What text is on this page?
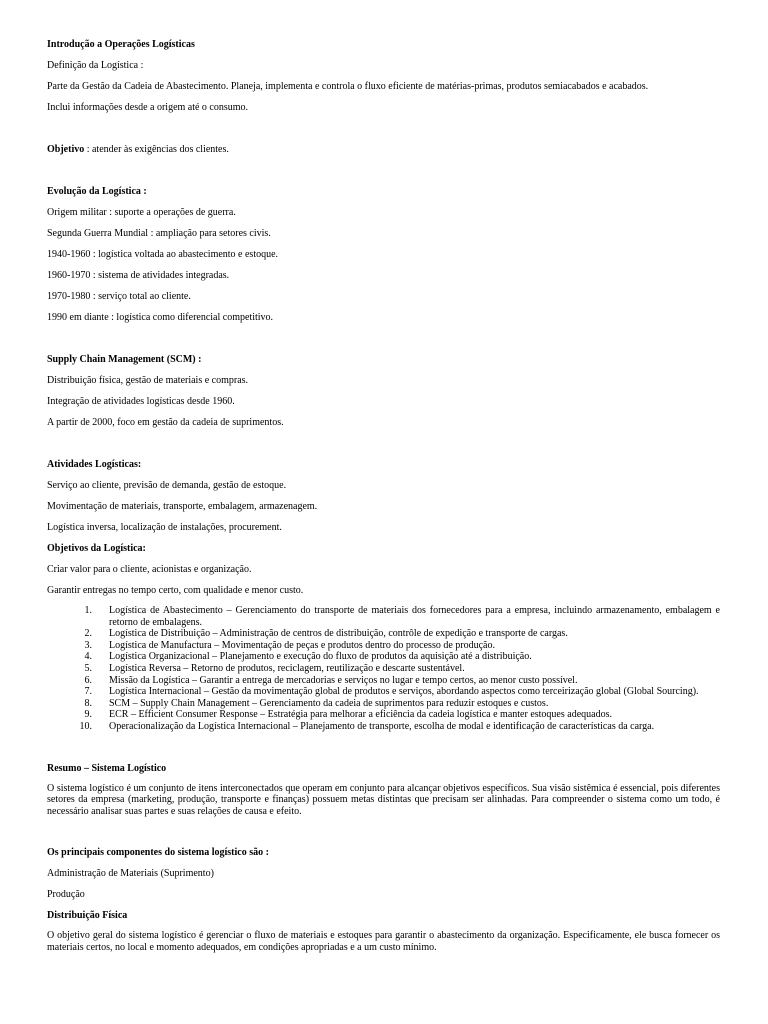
Introdução a Operações Logísticas

Definição da Logística :

Parte da Gestão da Cadeia de Abastecimento. Planeja, implementa e controla o fluxo eficiente de matérias-primas, produtos semiacabados e acabados.

Inclui informações desde a origem até o consumo.

Objetivo : atender às exigências dos clientes.

Evolução da Logística :

Origem militar : suporte a operações de guerra.

Segunda Guerra Mundial : ampliação para setores civis.

1940-1960 : logística voltada ao abastecimento e estoque.

1960-1970 : sistema de atividades integradas.

1970-1980 : serviço total ao cliente.

1990 em diante : logística como diferencial competitivo.

Supply Chain Management (SCM) :

Distribuição física, gestão de materiais e compras.

Integração de atividades logísticas desde 1960.

A partir de 2000, foco em gestão da cadeia de suprimentos.

Atividades Logísticas:

Serviço ao cliente, previsão de demanda, gestão de estoque.

Movimentação de materiais, transporte, embalagem, armazenagem.

Logística inversa, localização de instalações, procurement.

Objetivos da Logística:

Criar valor para o cliente, acionistas e organização.

Garantir entregas no tempo certo, com qualidade e menor custo.

1.	Logística de Abastecimento – Gerenciamento do transporte de materiais dos fornecedores para a empresa, incluindo armazenamento, embalagem e retorno de embalagens.
2.	Logística de Distribuição – Administração de centros de distribuição, contrôle de expedição e transporte de cargas.
3.	Logística de Manufactura – Movimentação de peças e produtos dentro do processo de produção.
4.	Logística Organizacional – Planejamento e execução do fluxo de produtos da aquisição até a distribuição.
5.	Logística Reversa – Retorno de produtos, reciclagem, reutilização e descarte sustentável.
6.	Missão da Logística – Garantir a entrega de mercadorias e serviços no lugar e tempo certos, ao menor custo possível.
7.	Logística Internacional – Gestão da movimentação global de produtos e serviços, abordando aspectos como terceirização global (Global Sourcing).
8.	SCM – Supply Chain Management – Gerenciamento da cadeia de suprimentos para reduzir estoques e custos.
9.	ECR – Efficient Consumer Response – Estratégia para melhorar a eficiência da cadeia logística e manter estoques adequados.
10.	Operacionalização da Logística Internacional – Planejamento de transporte, escolha de modal e identificação de características da carga.

Resumo – Sistema Logístico

O sistema logístico é um conjunto de itens interconectados que operam em conjunto para alcançar objetivos específicos. Sua visão sistêmica é essencial, pois diferentes setores da empresa (marketing, produção, transporte e finanças) possuem metas distintas que precisam ser alinhadas. Para compreender o sistema como um todo, é necessário analisar suas partes e suas relações de causa e efeito.

Os principais componentes do sistema logístico são :

Administração de Materiais (Suprimento)

Produção

Distribuição Física

O objetivo geral do sistema logístico é gerenciar o fluxo de materiais e estoques para garantir o abastecimento da organização. Especificamente, ele busca fornecer os materiais certos, no local e momento adequados, em condições apropriadas e a um custo mínimo.
